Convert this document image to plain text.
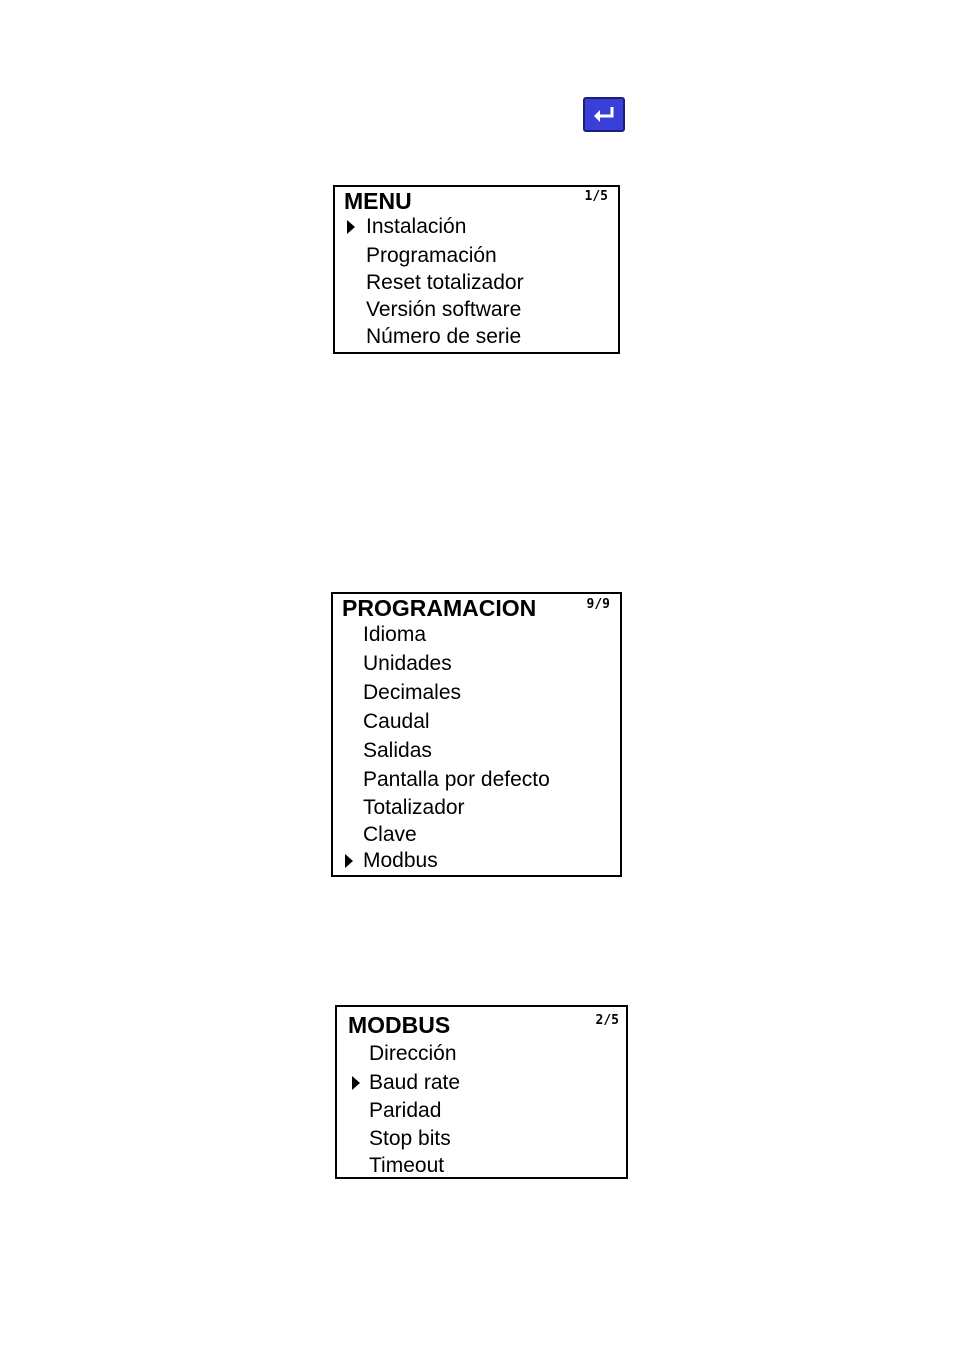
MENU	1/5
Instalación
Programación
Reset totalizador
Versión software
Número de serie
PROGRAMACION	9/9
Idioma
Unidades
Decimales
Caudal
Salidas
Pantalla por defecto
Totalizador
Clave
Modbus
MODBUS	2/5
Dirección
Baud rate
Paridad
Stop bits
Timeout
